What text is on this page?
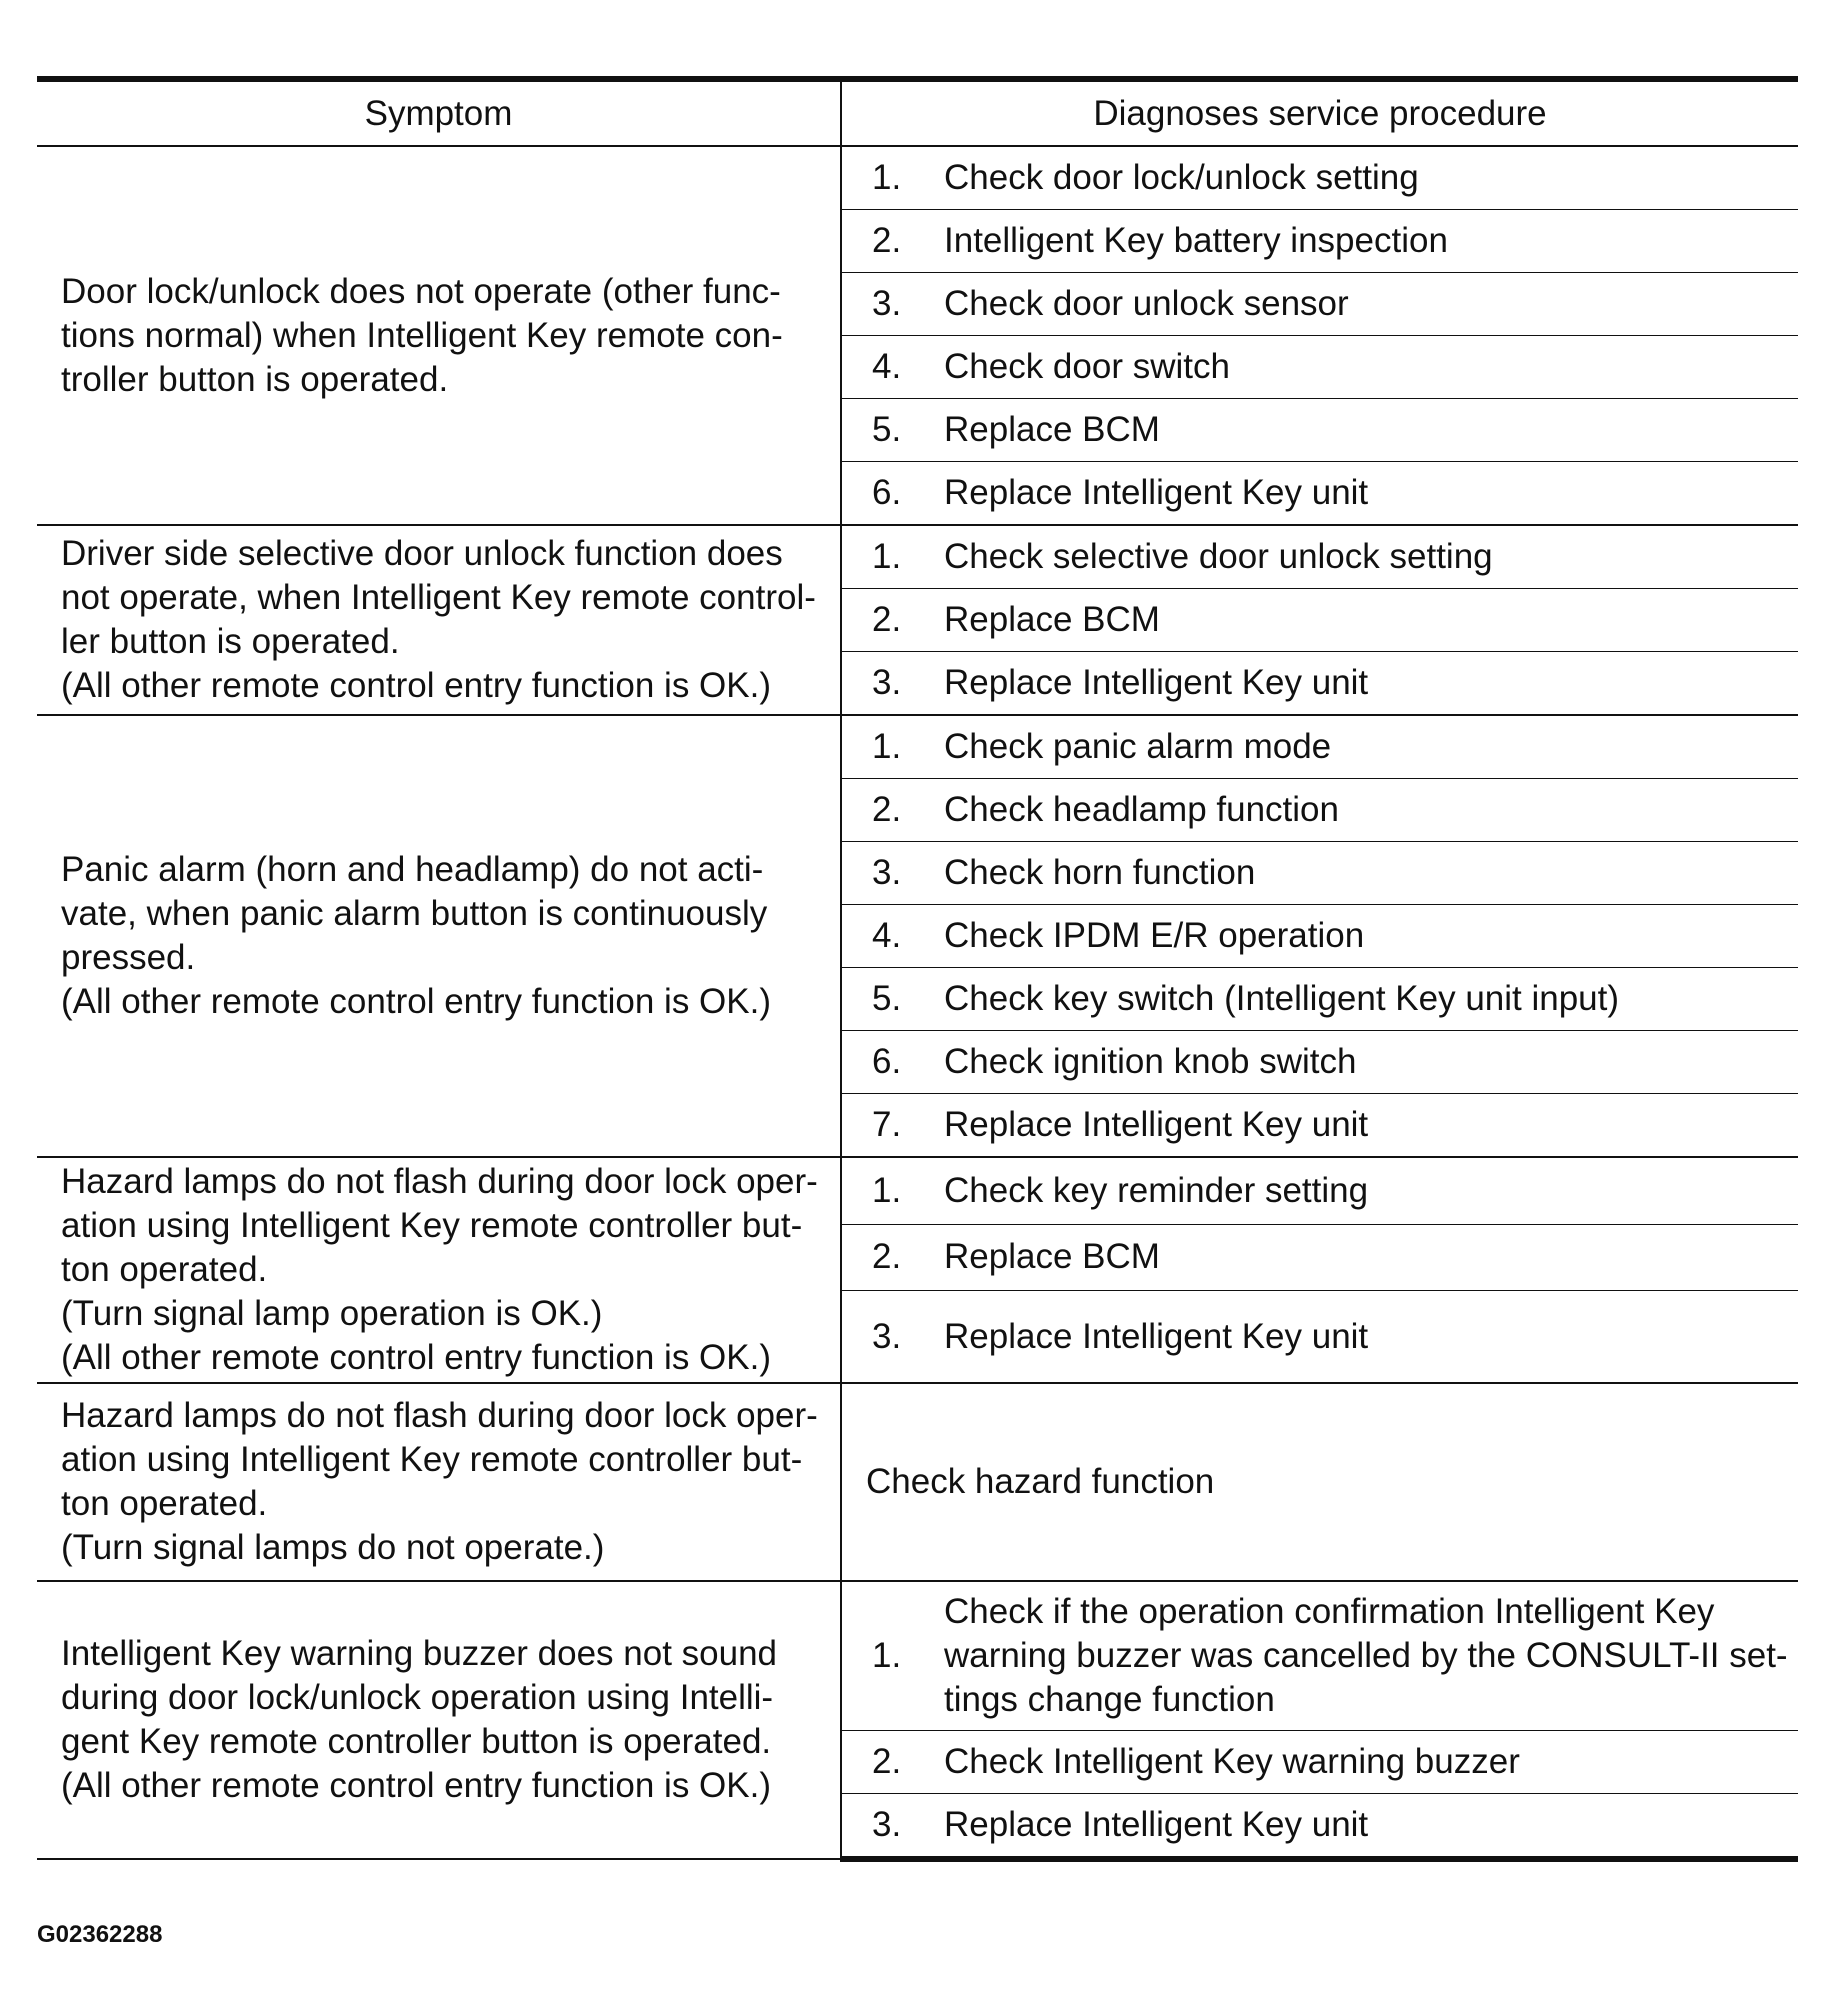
Symptom	Diagnoses service procedure

Door lock/unlock does not operate (other func-
tions normal) when Intelligent Key remote con-
troller button is operated.	1. Check door lock/unlock setting

	2. Intelligent Key battery inspection

	3. Check door unlock sensor

	4. Check door switch

	5. Replace BCM

	6. Replace Intelligent Key unit

Driver side selective door unlock function does
not operate, when Intelligent Key remote control-
ler button is operated.
(All other remote control entry function is OK.)	1. Check selective door unlock setting

	2. Replace BCM

	3. Replace Intelligent Key unit

Panic alarm (horn and headlamp) do not acti-
vate, when panic alarm button is continuously
pressed.
(All other remote control entry function is OK.)	1. Check panic alarm mode

	2. Check headlamp function

	3. Check horn function

	4. Check IPDM E/R operation

	5. Check key switch (Intelligent Key unit input)

	6. Check ignition knob switch

	7. Replace Intelligent Key unit

Hazard lamps do not flash during door lock oper-
ation using Intelligent Key remote controller but-
ton operated.
(Turn signal lamp operation is OK.)
(All other remote control entry function is OK.)	1. Check key reminder setting

	2. Replace BCM

	3. Replace Intelligent Key unit

Hazard lamps do not flash during door lock oper-
ation using Intelligent Key remote controller but-
ton operated.
(Turn signal lamps do not operate.)	Check hazard function

Intelligent Key warning buzzer does not sound
during door lock/unlock operation using Intelli-
gent Key remote controller button is operated.
(All other remote control entry function is OK.)	1.
Check if the operation confirmation Intelligent Key
warning buzzer was cancelled by the CONSULT-II set-
tings change function

	2. Check Intelligent Key warning buzzer

	3. Replace Intelligent Key unit
G02362288
